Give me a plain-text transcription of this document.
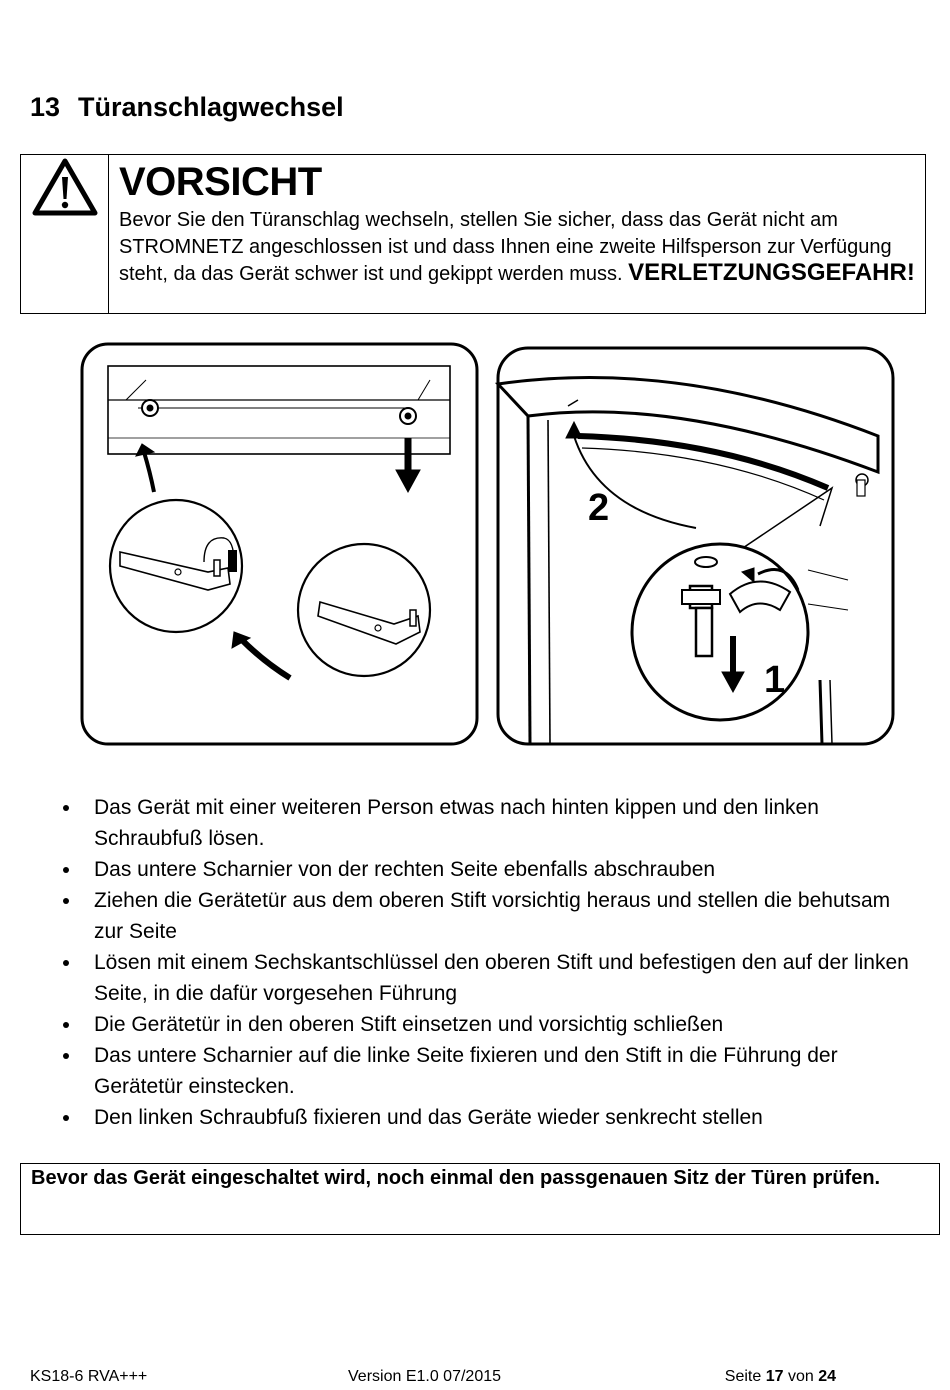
13 Türanschlagwechsel

VORSICHT

Bevor Sie den Türanschlag wechseln, stellen Sie sicher, dass das Gerät nicht am STROMNETZ angeschlossen ist und dass Ihnen eine zweite Hilfsperson zur Verfügung steht, da das Gerät schwer ist und gekippt werden muss. VERLETZUNGSGEFAHR!

2
1
Das Gerät mit einer weiteren Person etwas nach hinten kippen und den linken Schraubfuß lösen.
Das untere Scharnier von der rechten Seite ebenfalls abschrauben
Ziehen die Gerätetür aus dem oberen Stift vorsichtig heraus und stellen die behutsam zur Seite
Lösen mit einem Sechskantschlüssel den oberen Stift und befestigen den auf der linken Seite, in die dafür vorgesehen Führung
Die Gerätetür in den oberen Stift einsetzen und vorsichtig schließen
Das untere Scharnier auf die linke Seite fixieren und den Stift in die Führung der Gerätetür einstecken.
Den linken Schraubfuß fixieren und das Geräte wieder senkrecht stellen

Bevor das Gerät eingeschaltet wird, noch einmal den passgenauen Sitz der Türen prüfen.

KS18-6 RVA+++	Version E1.0 07/2015	Seite 17 von 24
